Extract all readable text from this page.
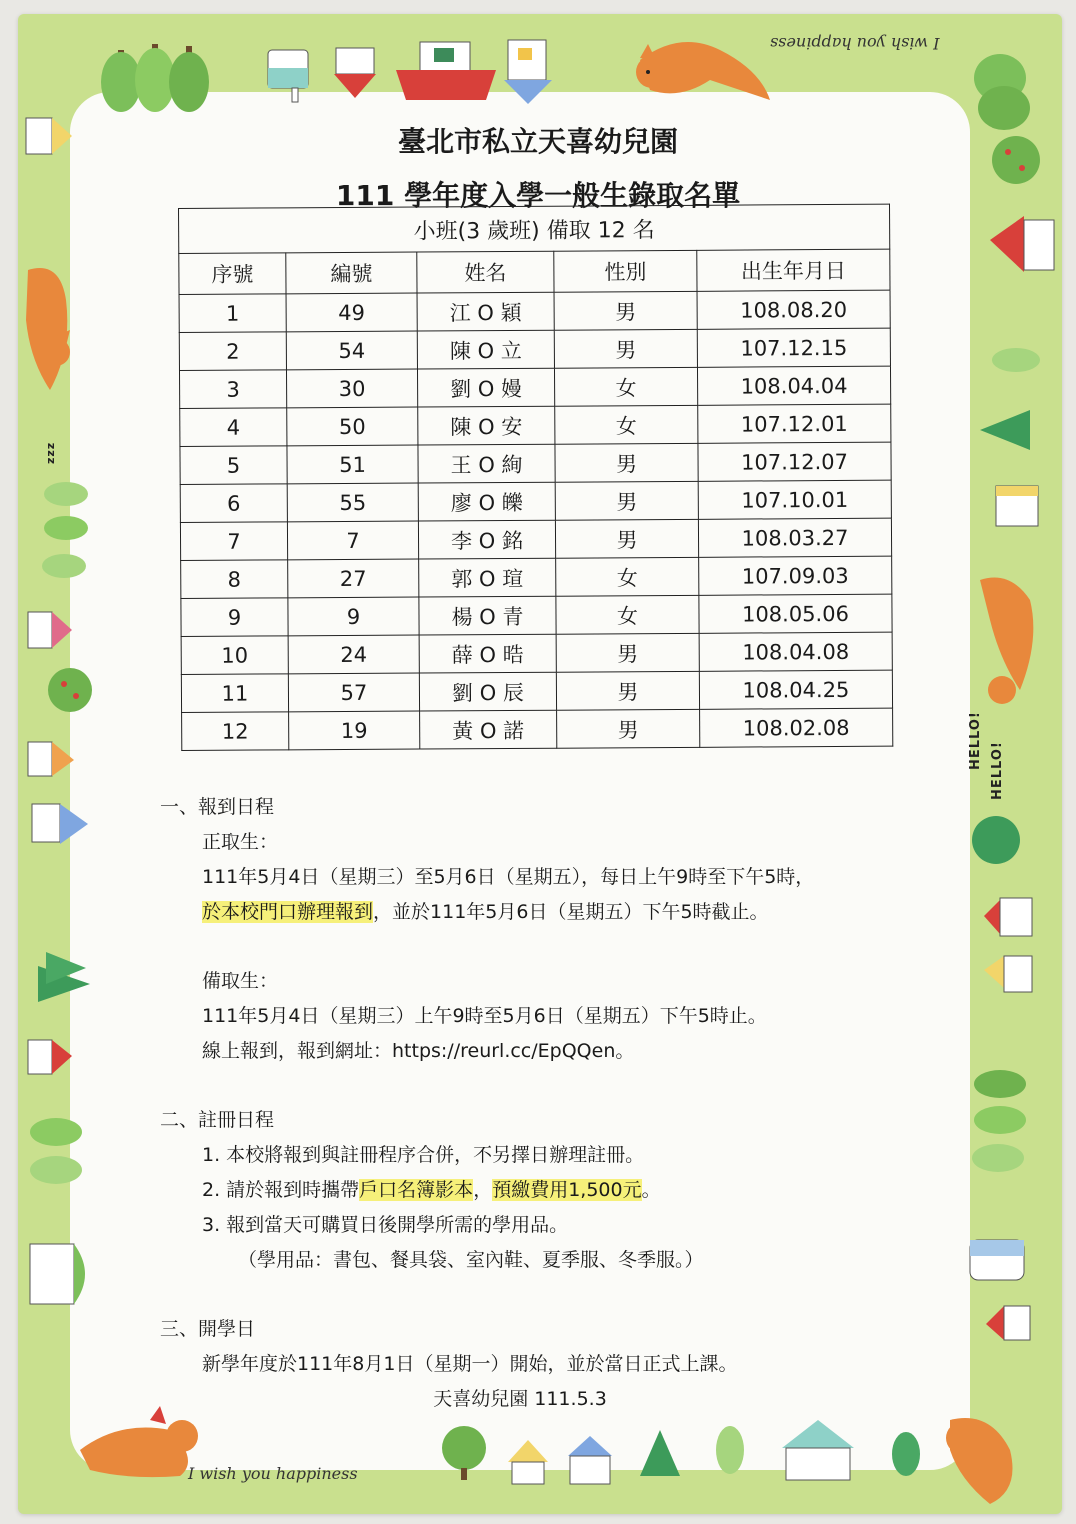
I wish you happiness
I wish you happiness
HELLO!
HELLO!
zzz
臺北市私立天喜幼兒園
111 學年度入學一般生錄取名單
小班(3 歲班) 備取 12 名				
序號	編號	姓名	性別	出生年月日
1	49	江 O 穎	男	108.08.20
2	54	陳 O 立	男	107.12.15
3	30	劉 O 嫚	女	108.04.04
4	50	陳 O 安	女	107.12.01
5	51	王 O 絢	男	107.12.07
6	55	廖 O 皪	男	107.10.01
7	7	李 O 銘	男	108.03.27
8	27	郭 O 瑄	女	107.09.03
9	9	楊 O 青	女	108.05.06
10	24	薛 O 晧	男	108.04.08
11	57	劉 O 辰	男	108.04.25
12	19	黃 O 諾	男	108.02.08
一、報到日程
正取生：
111年5月4日（星期三）至5月6日（星期五），每日上午9時至下午5時，
於本校門口辦理報到，並於111年5月6日（星期五）下午5時截止。
備取生：
111年5月4日（星期三）上午9時至5月6日（星期五）下午5時止。
線上報到，報到網址：https://reurl.cc/EpQQen。
二、註冊日程
1. 本校將報到與註冊程序合併，不另擇日辦理註冊。
2. 請於報到時攜帶戶口名簿影本，預繳費用1,500元。
3. 報到當天可購買日後開學所需的學用品。
（學用品：書包、餐具袋、室內鞋、夏季服、冬季服。）
三、開學日
新學年度於111年8月1日（星期一）開始，並於當日正式上課。
天喜幼兒園 111.5.3
